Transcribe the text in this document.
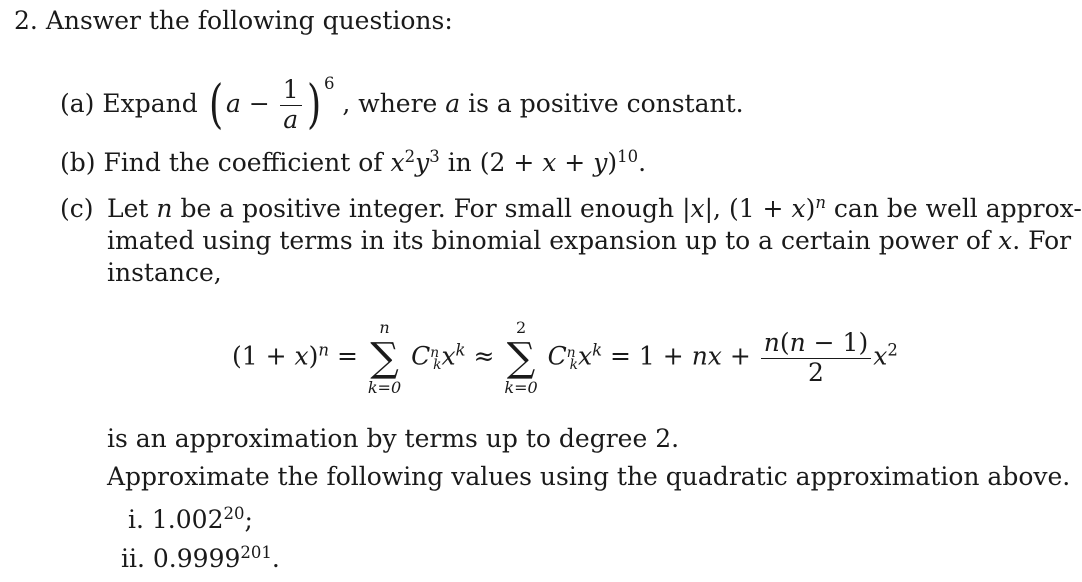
2. Answer the following questions:
(a) Expand ( $a - \frac{1}{a}$ ) $^6$ , where a is a positive constant.
(b) Find the coefficient of $x^2y^3$ in $(2 + x + y)^{10}$.
(c) Let n be a positive integer. For small enough |x|, $(1 + x)^n$ can be well approx-
imated using terms in its binomial expansion up to a certain power of x. For
instance,
$(1 + x)^n$ =
n
∑
k=0
$C^n_kx^k$ ≈
2
∑
k=0
$C^n_kx^k = 1$ + nx + $\frac{n(n - 1)}{2} x^2$
is an approximation by terms up to degree 2.
Approximate the following values using the quadratic approximation above.
i. 1.002$^{20}$;
ii. 0.9999$^{201}$.
